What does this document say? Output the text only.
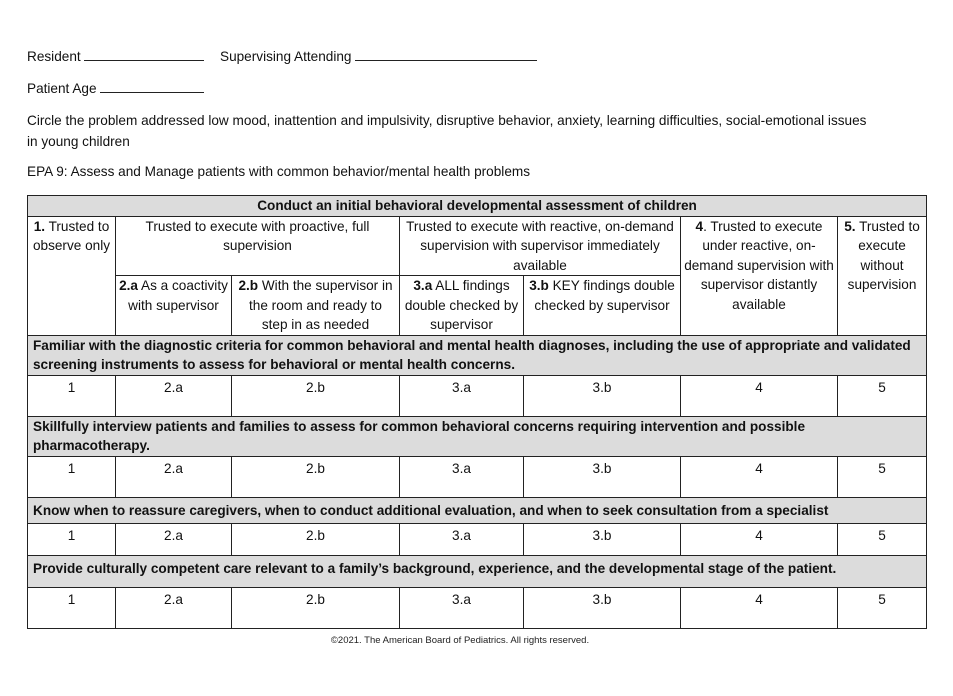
Resident	Supervising Attending
Patient Age
Circle the problem addressed low mood, inattention and impulsivity, disruptive behavior, anxiety, learning difficulties, social-emotional issues in young children
EPA 9: Assess and Manage patients with common behavior/mental health problems
Conduct an initial behavioral developmental assessment of children						
1. Trusted to observe only	Trusted to execute with proactive, full supervision		Trusted to execute with reactive, on-demand supervision with supervisor immediately available		4. Trusted to execute under reactive, on-demand supervision with supervisor distantly available	5. Trusted to execute without supervision
	2.a As a coactivity with supervisor	2.b With the supervisor in the room and ready to step in as needed	3.a ALL findings double checked by supervisor	3.b KEY findings double checked by supervisor		
Familiar with the diagnostic criteria for common behavioral and mental health diagnoses, including the use of appropriate and validated screening instruments to assess for behavioral or mental health concerns.						
1	2.a	2.b	3.a	3.b	4	5
Skillfully interview patients and families to assess for common behavioral concerns requiring intervention and possible pharmacotherapy.						
1	2.a	2.b	3.a	3.b	4	5
Know when to reassure caregivers, when to conduct additional evaluation, and when to seek consultation from a specialist						
1	2.a	2.b	3.a	3.b	4	5
Provide culturally competent care relevant to a family’s background, experience, and the developmental stage of the patient.						
1	2.a	2.b	3.a	3.b	4	5
©2021. The American Board of Pediatrics. All rights reserved.
